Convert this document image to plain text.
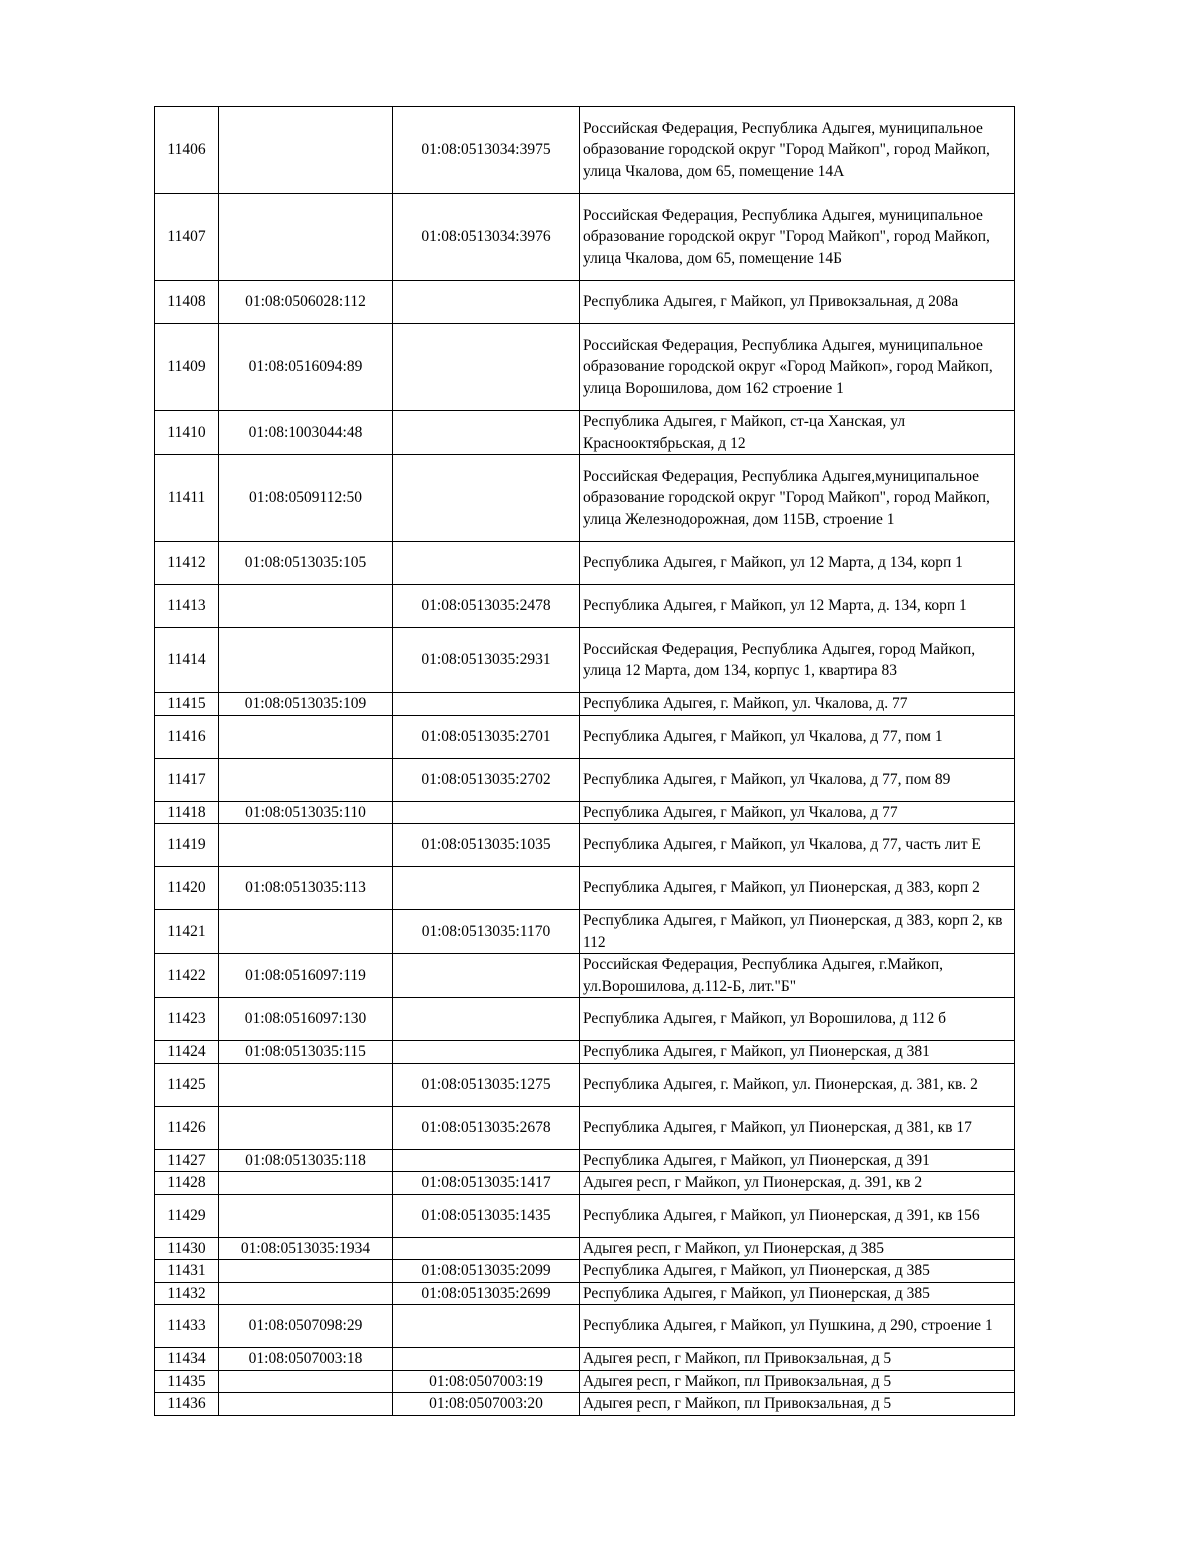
11406		01:08:0513034:3975	Российская Федерация, Республика Адыгея, муниципальное образование городской округ "Город Майкоп", город Майкоп, улица Чкалова, дом 65, помещение 14А
11407		01:08:0513034:3976	Российская Федерация, Республика Адыгея, муниципальное образование городской округ "Город Майкоп", город Майкоп, улица Чкалова, дом 65, помещение 14Б
11408	01:08:0506028:112		Республика Адыгея, г Майкоп, ул Привокзальная, д 208а
11409	01:08:0516094:89		Российская Федерация, Республика Адыгея, муниципальное образование городской округ «Город Майкоп», город Майкоп, улица Ворошилова, дом 162 строение 1
11410	01:08:1003044:48		Республика Адыгея, г Майкоп, ст-ца Ханская, ул Краснооктябрьская, д 12
11411	01:08:0509112:50		Российская Федерация, Республика Адыгея,муниципальное образование городской округ "Город Майкоп", город Майкоп, улица Железнодорожная, дом 115В, строение 1
11412	01:08:0513035:105		Республика Адыгея, г Майкоп, ул 12 Марта, д 134, корп 1
11413		01:08:0513035:2478	Республика Адыгея, г Майкоп, ул 12 Марта, д. 134, корп 1
11414		01:08:0513035:2931	Российская Федерация, Республика Адыгея, город Майкоп, улица 12 Марта, дом 134, корпус 1, квартира 83
11415	01:08:0513035:109		Республика Адыгея, г. Майкоп, ул. Чкалова, д. 77
11416		01:08:0513035:2701	Республика Адыгея, г Майкоп, ул Чкалова, д 77, пом 1
11417		01:08:0513035:2702	Республика Адыгея, г Майкоп, ул Чкалова, д 77, пом 89
11418	01:08:0513035:110		Республика Адыгея, г Майкоп, ул Чкалова, д 77
11419		01:08:0513035:1035	Республика Адыгея, г Майкоп, ул Чкалова, д 77, часть лит Е
11420	01:08:0513035:113		Республика Адыгея, г Майкоп, ул Пионерская, д 383, корп 2
11421		01:08:0513035:1170	Республика Адыгея, г Майкоп, ул Пионерская, д 383, корп 2, кв 112
11422	01:08:0516097:119		Российская Федерация, Республика Адыгея, г.Майкоп, ул.Ворошилова, д.112-Б, лит."Б"
11423	01:08:0516097:130		Республика Адыгея, г Майкоп, ул Ворошилова, д 112 б
11424	01:08:0513035:115		Республика Адыгея, г Майкоп, ул Пионерская, д 381
11425		01:08:0513035:1275	Республика Адыгея, г. Майкоп, ул. Пионерская, д. 381, кв. 2
11426		01:08:0513035:2678	Республика Адыгея, г Майкоп, ул Пионерская, д 381, кв 17
11427	01:08:0513035:118		Республика Адыгея, г Майкоп, ул Пионерская, д 391
11428		01:08:0513035:1417	Адыгея респ, г Майкоп, ул Пионерская, д. 391, кв 2
11429		01:08:0513035:1435	Республика Адыгея, г Майкоп, ул Пионерская, д 391, кв 156
11430	01:08:0513035:1934		Адыгея респ, г Майкоп, ул Пионерская, д 385
11431		01:08:0513035:2099	Республика Адыгея, г Майкоп, ул Пионерская, д 385
11432		01:08:0513035:2699	Республика Адыгея, г Майкоп, ул Пионерская, д 385
11433	01:08:0507098:29		Республика Адыгея, г Майкоп, ул Пушкина, д 290, строение 1
11434	01:08:0507003:18		Адыгея респ, г Майкоп, пл Привокзальная, д 5
11435		01:08:0507003:19	Адыгея респ, г Майкоп, пл Привокзальная, д 5
11436		01:08:0507003:20	Адыгея респ, г Майкоп, пл Привокзальная, д 5
